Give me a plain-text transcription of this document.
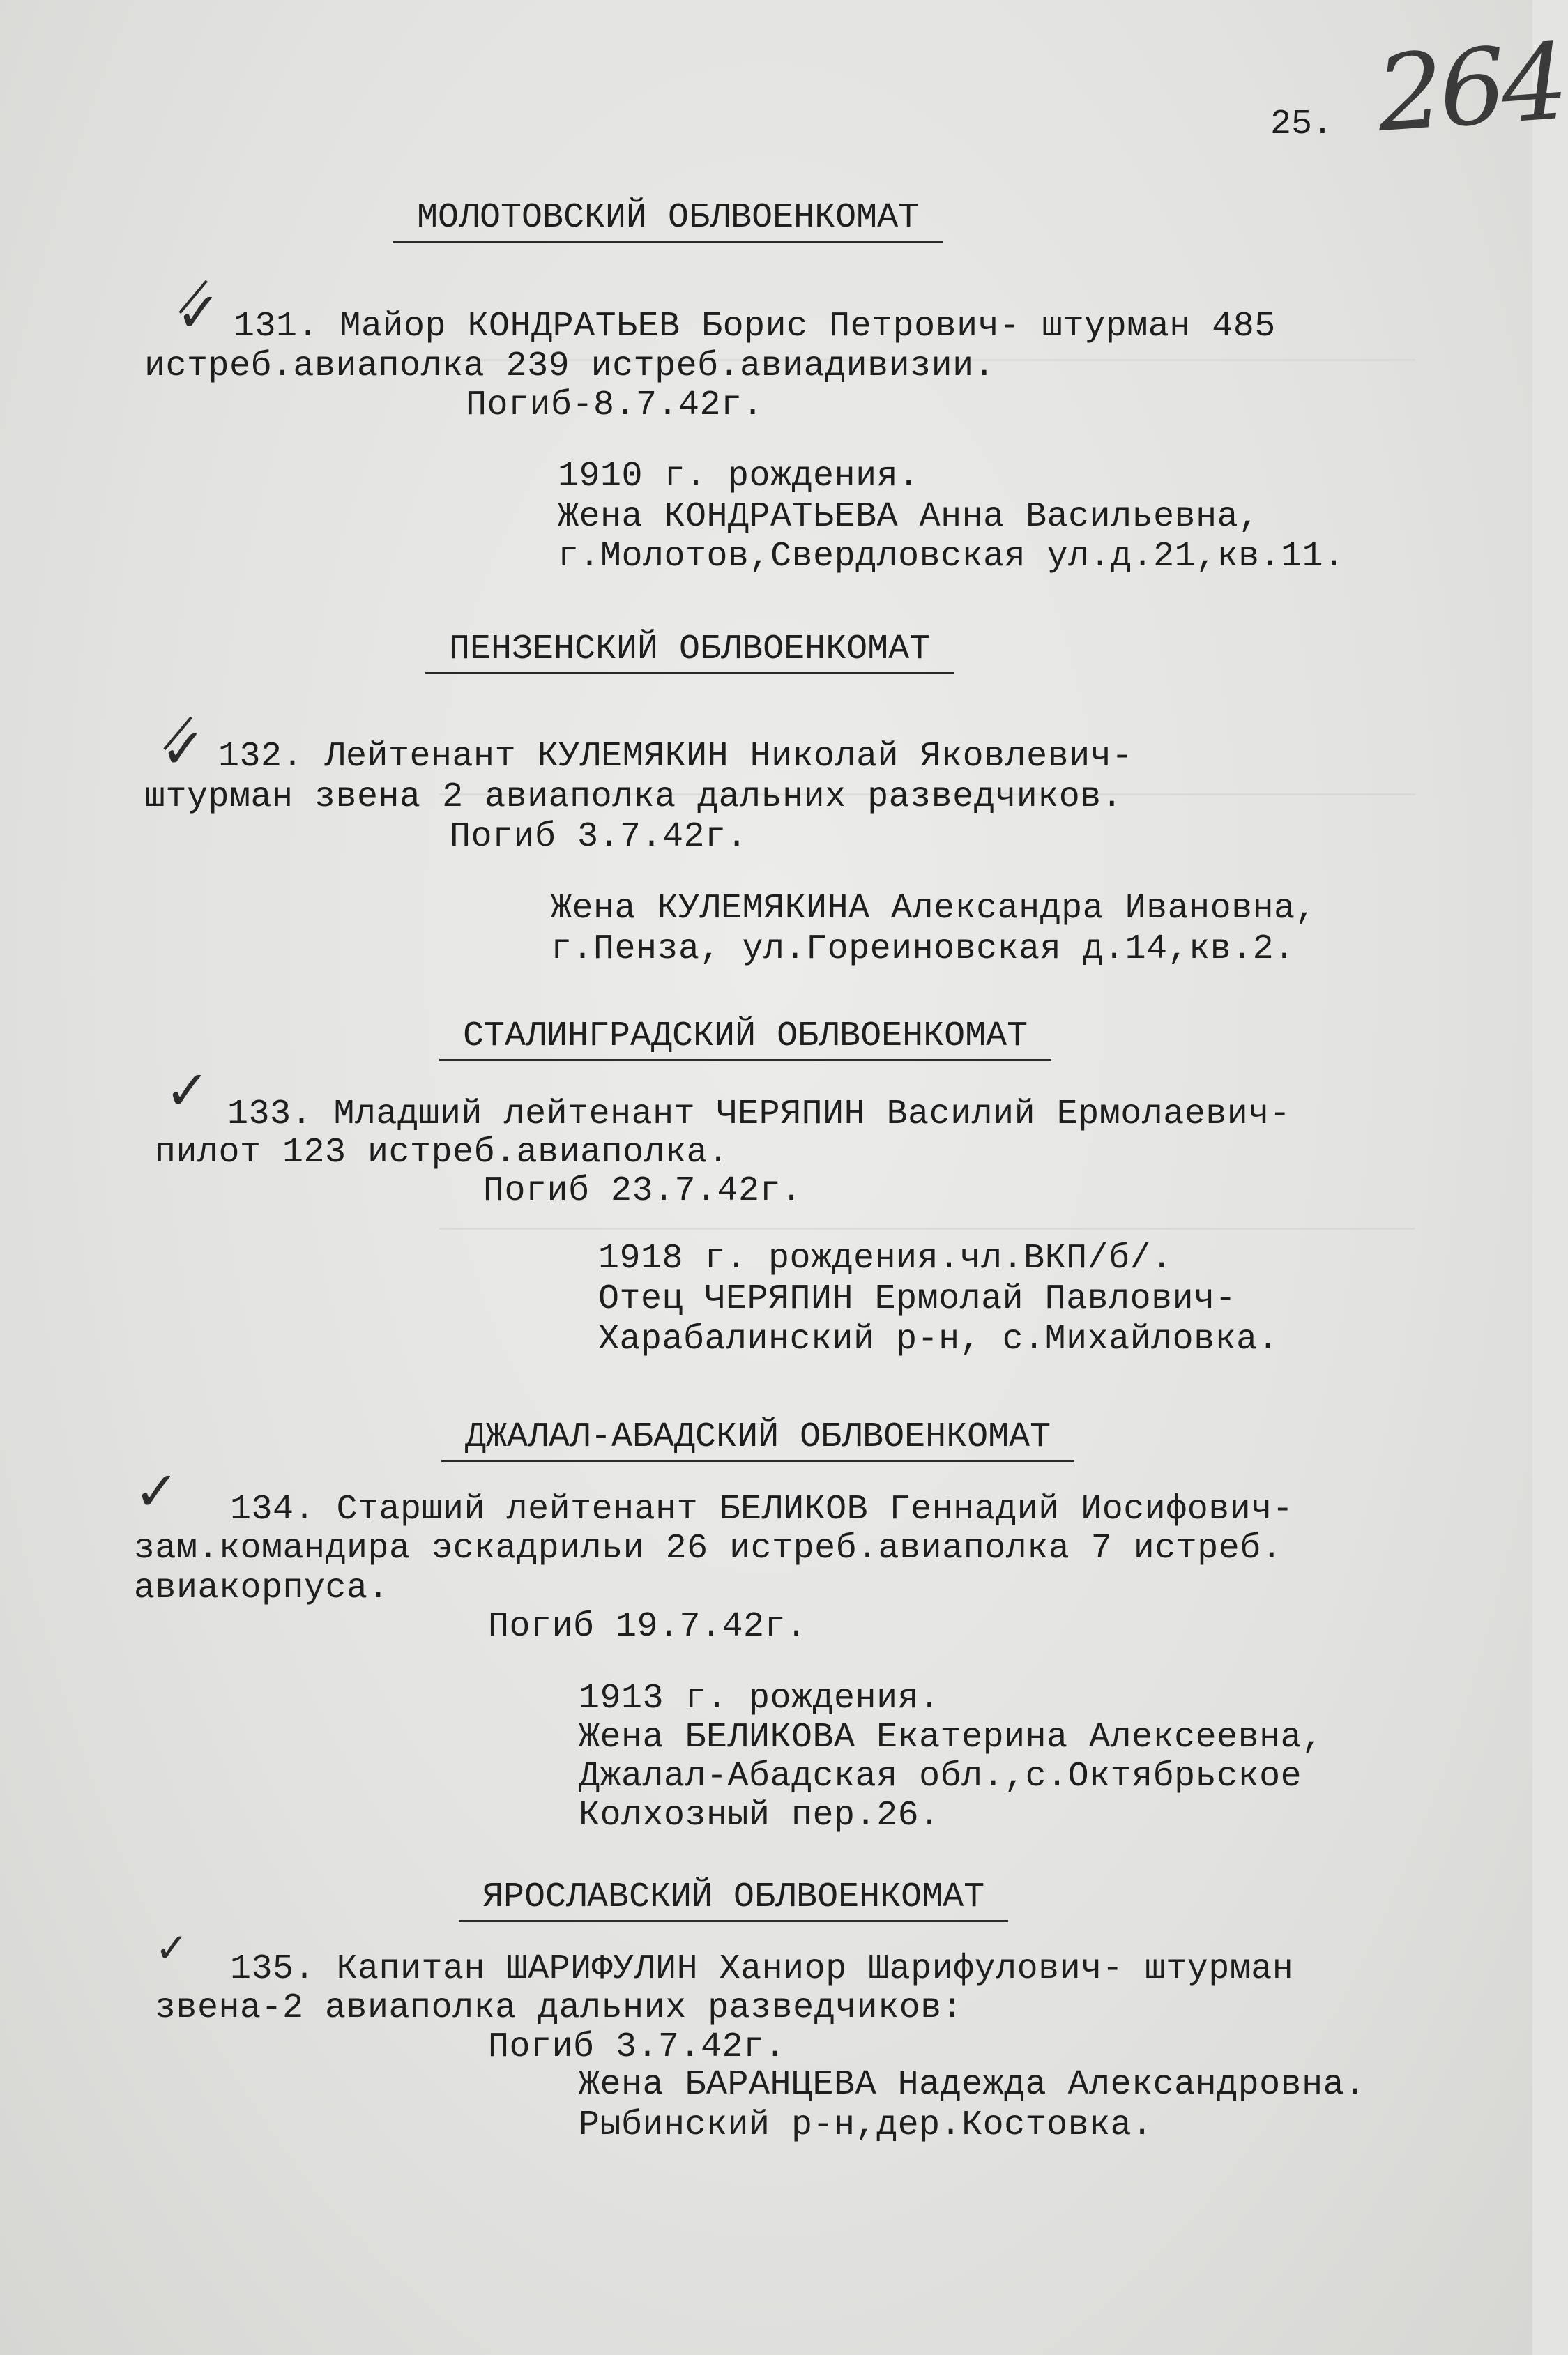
264
25.
МОЛОТОВСКИЙ ОБЛВОЕНКОМАТ
✓ 131. Майор КОНДРАТЬЕВ Борис Петрович- штурман 485
истреб.авиаполка 239 истреб.авиадивизии.
Погиб-8.7.42г.
1910 г. рождения.
Жена КОНДРАТЬЕВА Анна Васильевна,
г.Молотов,Свердловская ул.д.21,кв.11.
ПЕНЗЕНСКИЙ ОБЛВОЕНКОМАТ
✓ 132. Лейтенант КУЛЕМЯКИН Николай Яковлевич-
штурман звена 2 авиаполка дальних разведчиков.
Погиб 3.7.42г.
Жена КУЛЕМЯКИНА Александра Ивановна,
г.Пенза, ул.Гореиновская д.14,кв.2.
СТАЛИНГРАДСКИЙ ОБЛВОЕНКОМАТ
✓ 133. Младший лейтенант ЧЕРЯПИН Василий Ермолаевич-
пилот 123 истреб.авиаполка.
Погиб 23.7.42г.
1918 г. рождения.чл.ВКП/б/.
Отец ЧЕРЯПИН Ермолай Павлович-
Харабалинский р-н, с.Михайловка.
ДЖАЛАЛ-АБАДСКИЙ ОБЛВОЕНКОМАТ
✓ 134. Старший лейтенант БЕЛИКОВ Геннадий Иосифович-
зам.командира эскадрильи 26 истреб.авиаполка 7 истреб.
авиакорпуса.
Погиб 19.7.42г.
1913 г. рождения.
Жена БЕЛИКОВА Екатерина Алексеевна,
Джалал-Абадская обл.,с.Октябрьское
Колхозный пер.26.
ЯРОСЛАВСКИЙ ОБЛВОЕНКОМАТ
✓ 135. Капитан ШАРИФУЛИН Ханиор Шарифулович- штурман
звена-2 авиаполка дальних разведчиков:
Погиб 3.7.42г.
Жена БАРАНЦЕВА Надежда Александровна.
Рыбинский р-н,дер.Костовка.
